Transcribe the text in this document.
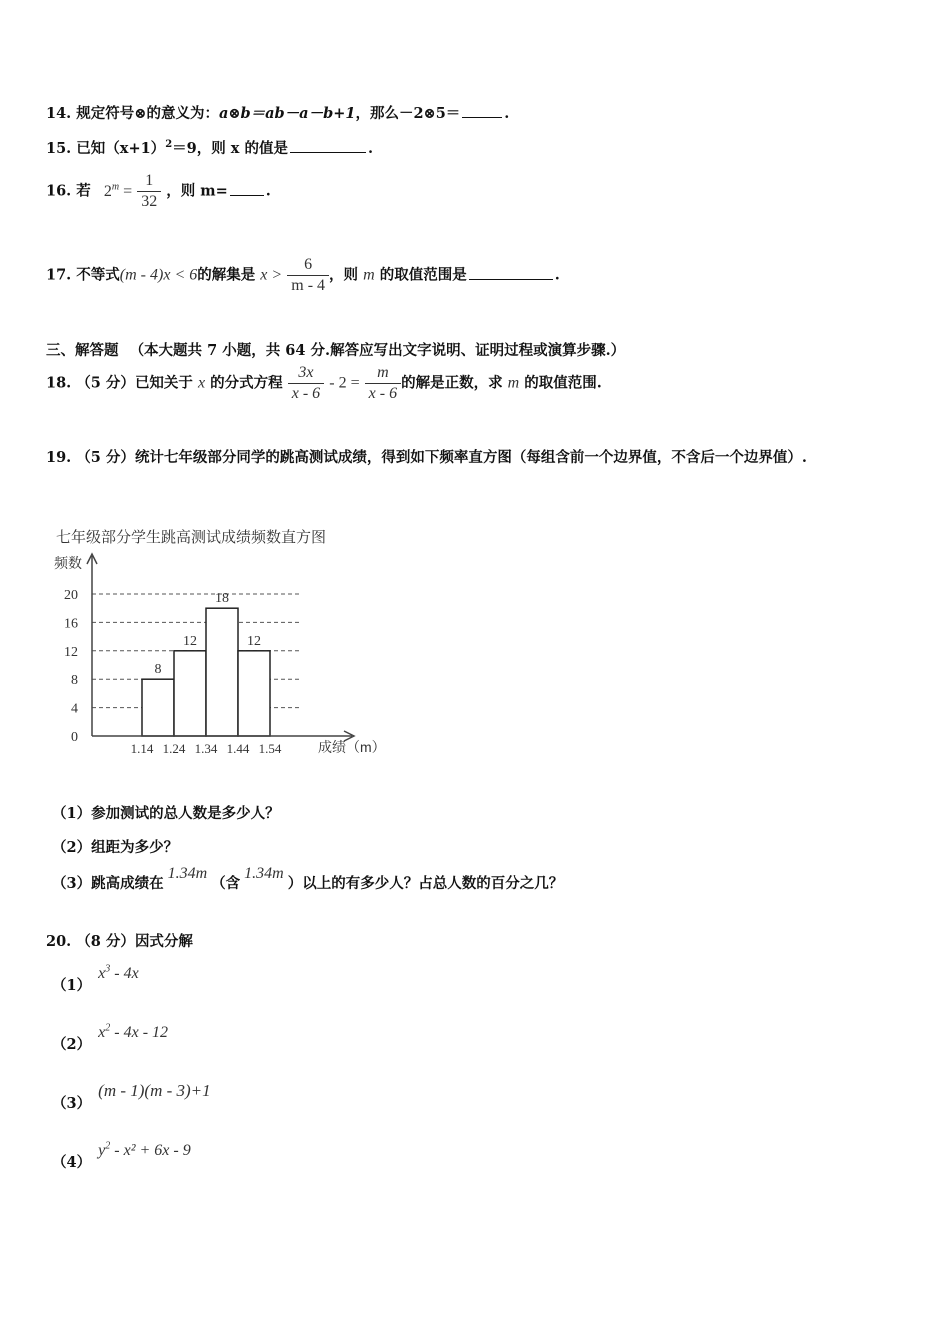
14. 规定符号⊗的意义为：a⊗b＝ab－a－b+1，那么－2⊗5＝	.
15. 已知$(x+1)^2=9$，则 x 的值是	.
16. 若 $2^m = \frac{1}{32}$ ，则 m=	.
17. 不等式(m - 4)x < 6的解集是 $x > \frac{6}{m - 4}$ ，则 m 的取值范围是	.
三、解答题 （本大题共 7 小题，共 64 分.解答应写出文字说明、证明过程或演算步骤.）
18. （5 分）已知关于 x 的分式方程 $\frac{3x}{x - 6} - 2 = \frac{m}{x - 6}$ 的解是正数，求 m 的取值范围.
19. （5 分）统计七年级部分同学的跳高测试成绩，得到如下频率直方图（每组含前一个边界值，不含后一个边界值）.
七年级部分学生跳高测试成绩频数直方图
频数
成绩（m）
0
4
8
12
16
20
8
12
18
12
1.14 1.24 1.34 1.44 1.54
（1）参加测试的总人数是多少人？
（2）组距为多少？
（3）跳高成绩在1.34m（含1.34m）以上的有多少人？占总人数的百分之几？
20. （8 分）因式分解
（1） $x^3 - 4x$
（2） $x^2 - 4x - 12$
（3） (m - 1)(m - 3)+1
（4） $y^2 - x^2 + 6x - 9$
